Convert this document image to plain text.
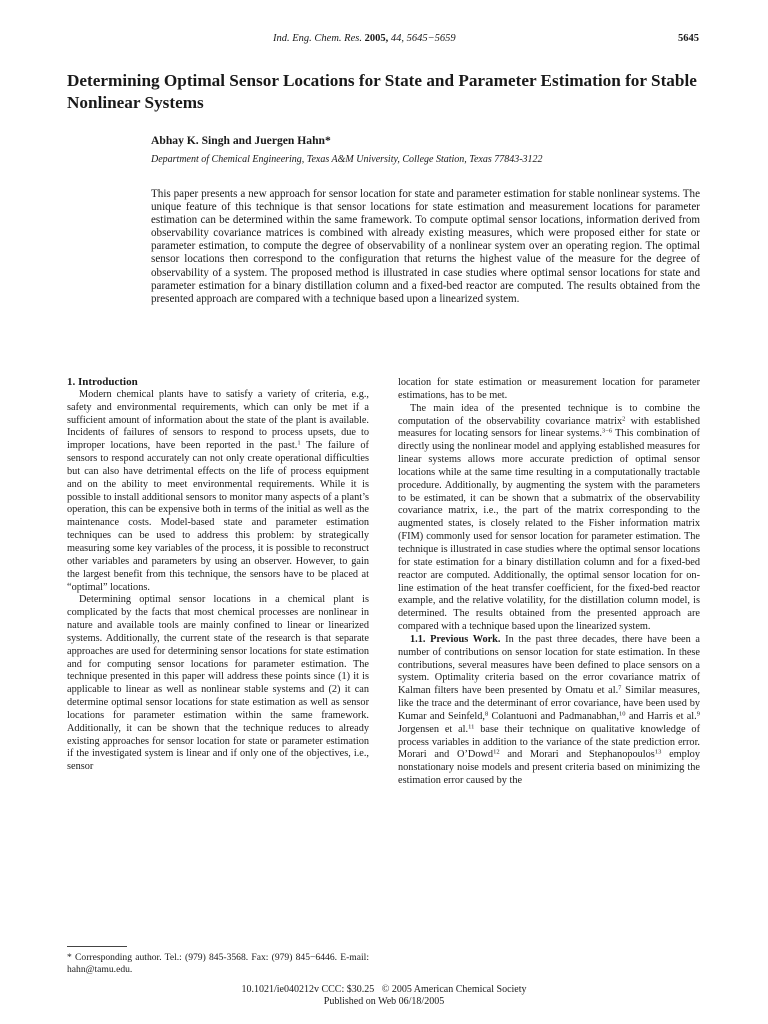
Ind. Eng. Chem. Res. 2005, 44, 5645−5659	5645
Determining Optimal Sensor Locations for State and Parameter Estimation for Stable Nonlinear Systems
Abhay K. Singh and Juergen Hahn*
Department of Chemical Engineering, Texas A&M University, College Station, Texas 77843-3122

This paper presents a new approach for sensor location for state and parameter estimation for stable nonlinear systems. The unique feature of this technique is that sensor locations for state estimation and measurement locations for parameter estimation can be determined within the same framework. To compute optimal sensor locations, information derived from observability covariance matrices is combined with already existing measures, which were proposed either for state or parameter estimation, to compute the degree of observability of a nonlinear system over an operating region. The optimal sensor locations then correspond to the configuration that returns the highest value of the measure for the degree of observability of a system. The proposed method is illustrated in case studies where optimal sensor locations for state and parameter estimation for a binary distillation column and a fixed-bed reactor are computed. The results obtained from the presented approach are compared with a technique based upon a linearized system.

1. Introduction

Modern chemical plants have to satisfy a variety of criteria, e.g., safety and environmental requirements, which can only be met if a sufficient amount of information about the state of the plant is available. Incidents of failures of sensors to respond to process upsets, due to improper locations, have been reported in the past.$^1$ The failure of sensors to respond accurately can not only create operational difficulties but can also have detrimental effects on the life of process equipment and on the ability to meet environmental requirements. While it is possible to install additional sensors to monitor many aspects of a plant’s operation, this can be expensive both in terms of the initial as well as the maintenance costs. Model-based state and parameter estimation techniques can be used to address this problem: by strategically measuring some key variables of the process, it is possible to reconstruct other variables and parameters by using an observer. However, to gain the largest benefit from this technique, the sensors have to be placed at “optimal” locations.

Determining optimal sensor locations in a chemical plant is complicated by the facts that most chemical processes are nonlinear in nature and available tools are mainly confined to linear or linearized systems. Additionally, the current state of the research is that separate approaches are used for determining sensor locations for state estimation and for computing sensor locations for parameter estimation. The technique presented in this paper will address these points since (1) it is applicable to linear as well as nonlinear stable systems and (2) it can determine optimal sensor locations for state estimation as well as sensor locations for parameter estimation within the same framework. Additionally, it can be shown that the technique reduces to already existing approaches for sensor location for state or parameter estimation if the investigated system is linear and if only one of the objectives, i.e., sensor

location for state estimation or measurement location for parameter estimations, has to be met.

The main idea of the presented technique is to combine the computation of the observability covariance matrix$^2$ with established measures for locating sensors for linear systems.$^{3-6}$ This combination of directly using the nonlinear model and applying established measures for linear systems allows more accurate prediction of optimal sensor locations while at the same time resulting in a computationally tractable procedure. Additionally, by augmenting the system with the parameters to be estimated, it can be shown that a submatrix of the observability covariance matrix, i.e., the part of the matrix corresponding to the augmented states, is closely related to the Fisher information matrix (FIM) commonly used for sensor location for parameter estimation. The technique is illustrated in case studies where the optimal sensor locations for state estimation for a binary distillation column and for a fixed-bed reactor are computed. Additionally, the optimal sensor location for on-line estimation of the heat transfer coefficient, for the fixed-bed reactor example, and the relative volatility, for the distillation column model, is determined. The results obtained from the presented approach are compared with a technique based upon the linearized system.

1.1. Previous Work. In the past three decades, there have been a number of contributions on sensor location for state estimation. In these contributions, several measures have been defined to place sensors on a system. Optimality criteria based on the error covariance matrix of Kalman filters have been presented by Omatu et al.$^7$ Similar measures, like the trace and the determinant of error covariance, have been used by Kumar and Seinfeld,$^8$ Colantuoni and Padmanabhan,$^{10}$ and Harris et al.$^9$ Jorgensen et al.$^{11}$ base their technique on qualitative knowledge of process variables in addition to the variance of the state prediction error. Morari and O’Dowd$^{12}$ and Morari and Stephanopoulos$^{13}$ employ nonstationary noise models and present criteria based on minimizing the estimation error caused by the

* Corresponding author. Tel.: (979) 845-3568. Fax: (979) 845−6446. E-mail: hahn@tamu.edu.
10.1021/ie040212v CCC: $30.25   © 2005 American Chemical Society
Published on Web 06/18/2005
